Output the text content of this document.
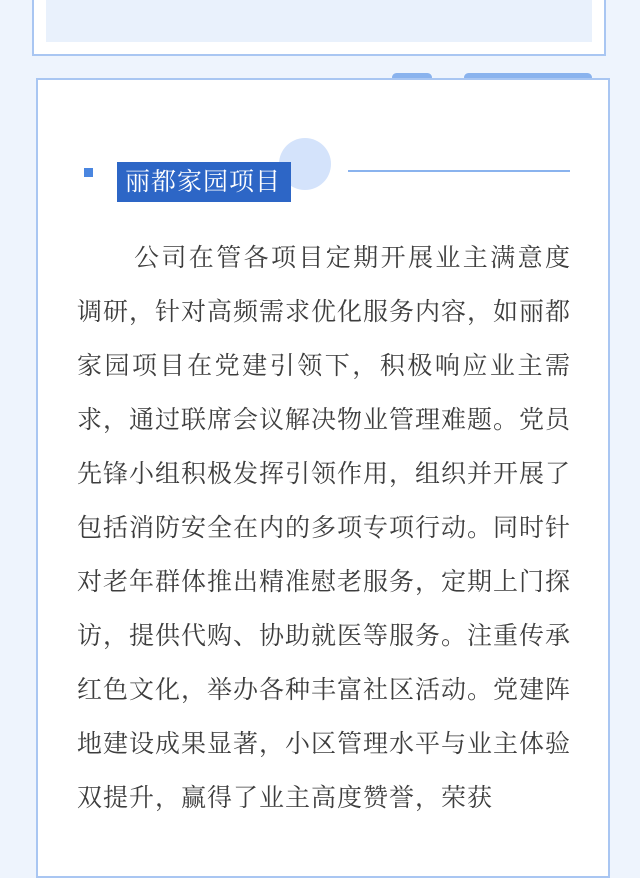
丽都家园项目

公司在管各项目定期开展业主满意度调研，针对高频需求优化服务内容，如丽都家园项目在党建引领下，积极响应业主需求，通过联席会议解决物业管理难题。党员先锋小组积极发挥引领作用，组织并开展了包括消防安全在内的多项专项行动。同时针对老年群体推出精准慰老服务，定期上门探访，提供代购、协助就医等服务。注重传承红色文化，举办各种丰富社区活动。党建阵地建设成果显著，小区管理水平与业主体验双提升，赢得了业主高度赞誉，荣获
